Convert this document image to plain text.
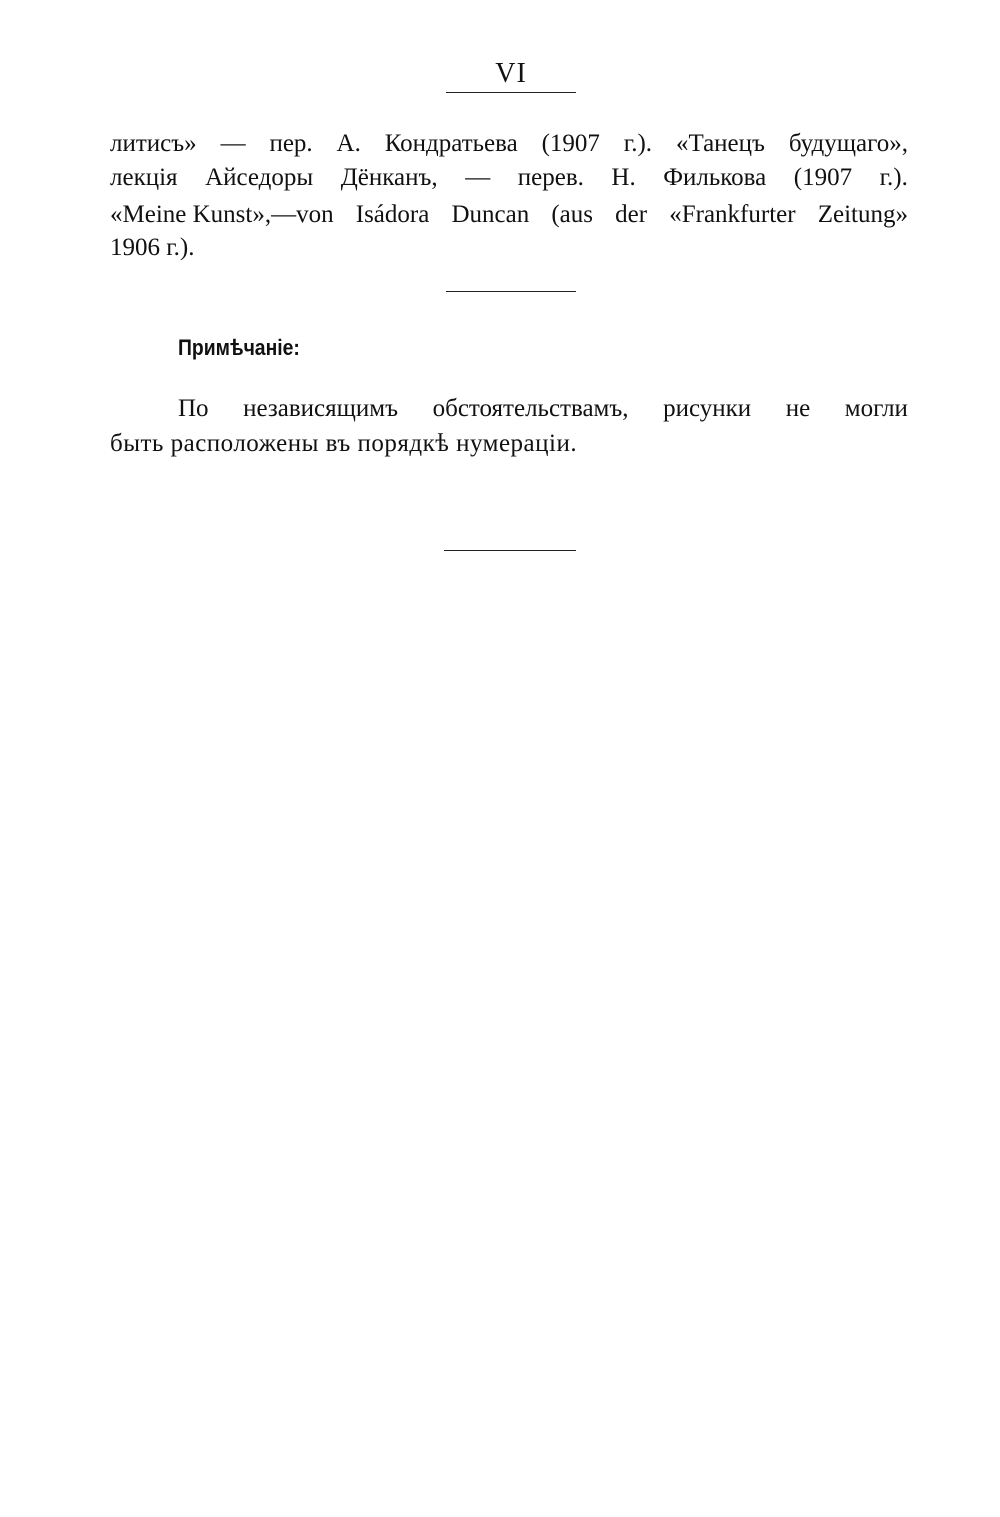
VI
литисъ» — пер. А. Кондратьева (1907 г.). «Танецъ будущаго»,
лекція Айседоры Дёнканъ, — перев. Н. Филькова (1907 г.).
«Meine Kunst»,—von Isádora Duncan (aus der «Frankfurter Zeitung»
1906 г.).
Примѣчаніе:
По независящимъ обстоятельствамъ, рисунки не могли
быть расположены въ порядкѣ нумераціи.
